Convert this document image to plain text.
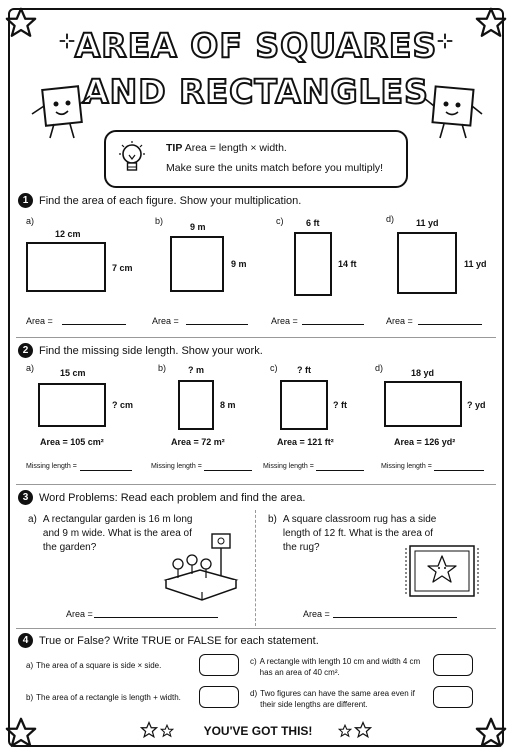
AREA OF SQUARES
AND RECTANGLES
TIP Area = length × width.
Make sure the units match before you multiply!
1 Find the area of each figure. Show your multiplication.
a)
12 cm
7 cm
Area =
b)
9 m
9 m
Area =
c)	6 ft
14 ft
Area =
d) 11 yd
11 yd
Area =
2 Find the missing side length. Show your work.
a)	15 cm
? cm
Area = 105 cm²
Missing length =
b) ? m
8 m
Area = 72 m²
Missing length =
c) ? ft
? ft
Area = 121 ft²
Missing length =
d)	18 yd
? yd
Area = 126 yd²
Missing length =
3 Word Problems: Read each problem and find the area.
a) A rectangular garden is 16 m long
and 9 m wide. What is the area of
the garden?
Area =
b) A square classroom rug has a side
length of 12 ft. What is the area of
the rug?
Area =
4 True or False? Write TRUE or FALSE for each statement.
a) The area of a square is side × side.
b) The area of a rectangle is length + width.
c) A rectangle with length 10 cm and width 4 cm
has an area of 40 cm².
d) Two figures can have the same area even if
their side lengths are different.
YOU'VE GOT THIS!
